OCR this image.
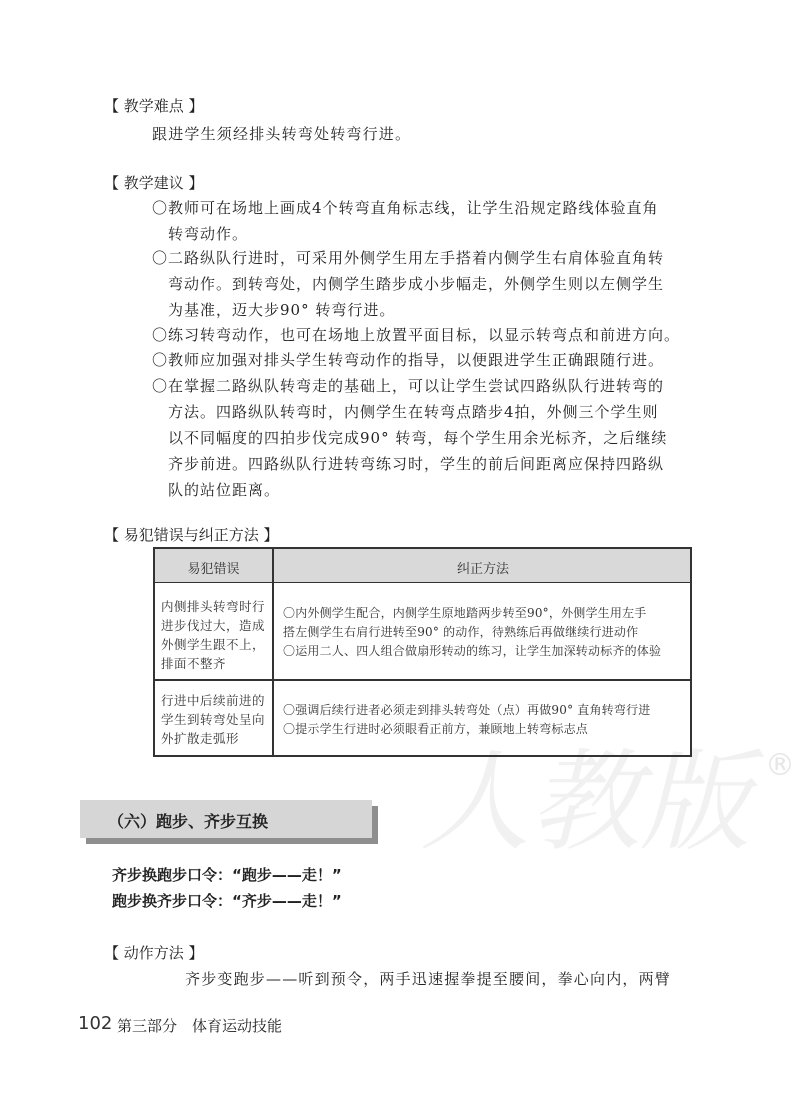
人教版 ®
【 教学难点 】
跟进学生须经排头转弯处转弯行进。
【 教学建议 】
〇 教师可在场地上画成4个转弯直角标志线，让学生沿规定路线体验直角
转弯动作。
〇 二路纵队行进时，可采用外侧学生用左手搭着内侧学生右肩体验直角转
弯动作。到转弯处，内侧学生踏步成小步幅走，外侧学生则以左侧学生
为基准，迈大步90° 转弯行进。
〇 练习转弯动作，也可在场地上放置平面目标，以显示转弯点和前进方向。
〇 教师应加强对排头学生转弯动作的指导，以便跟进学生正确跟随行进。
〇 在掌握二路纵队转弯走的基础上，可以让学生尝试四路纵队行进转弯的
方法。四路纵队转弯时，内侧学生在转弯点踏步4拍，外侧三个学生则
以不同幅度的四拍步伐完成90° 转弯，每个学生用余光标齐，之后继续
齐步前进。四路纵队行进转弯练习时，学生的前后间距离应保持四路纵
队的站位距离。
【 易犯错误与纠正方法 】
易犯错误	纠正方法
内侧排头转弯时行
进步伐过大，造成
外侧学生跟不上，
排面不整齐
〇内外侧学生配合，内侧学生原地踏两步转至90°，外侧学生用左手
搭左侧学生右肩行进转至90° 的动作，待熟练后再做继续行进动作
〇运用二人、四人组合做扇形转动的练习，让学生加深转动标齐的体验
行进中后续前进的
学生到转弯处呈向
外扩散走弧形
〇强调后续行进者必须走到排头转弯处（点）再做90° 直角转弯行进
〇提示学生行进时必须眼看正前方，兼顾地上转弯标志点
（六）跑步、齐步互换
齐步换跑步口令：“跑步——走！”
跑步换齐步口令：“齐步——走！”
【 动作方法 】
齐步变跑步——听到预令，两手迅速握拳提至腰间，拳心向内，两臂
102 第三部分　体育运动技能
